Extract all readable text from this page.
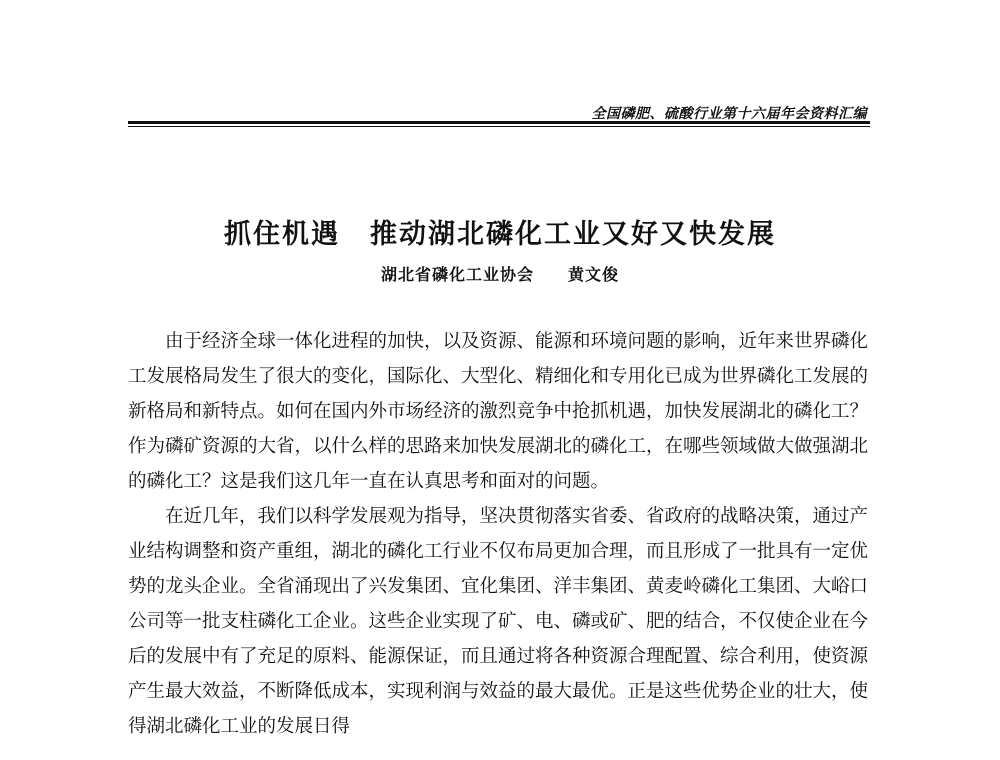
全国磷肥、硫酸行业第十六届年会资料汇编
抓住机遇 推动湖北磷化工业又好又快发展
湖北省磷化工业协会 黄文俊

由于经济全球一体化进程的加快，以及资源、能源和环境问题的影响，近年来世界磷化工发展格局发生了很大的变化，国际化、大型化、精细化和专用化已成为世界磷化工发展的新格局和新特点。如何在国内外市场经济的激烈竞争中抢抓机遇，加快发展湖北的磷化工？作为磷矿资源的大省，以什么样的思路来加快发展湖北的磷化工，在哪些领域做大做强湖北的磷化工？这是我们这几年一直在认真思考和面对的问题。

在近几年，我们以科学发展观为指导，坚决贯彻落实省委、省政府的战略决策，通过产业结构调整和资产重组，湖北的磷化工行业不仅布局更加合理，而且形成了一批具有一定优势的龙头企业。全省涌现出了兴发集团、宜化集团、洋丰集团、黄麦岭磷化工集团、大峪口公司等一批支柱磷化工企业。这些企业实现了矿、电、磷或矿、肥的结合，不仅使企业在今后的发展中有了充足的原料、能源保证，而且通过将各种资源合理配置、综合利用，使资源产生最大效益，不断降低成本，实现利润与效益的最大最优。正是这些优势企业的壮大，使得湖北磷化工业的发展日得
